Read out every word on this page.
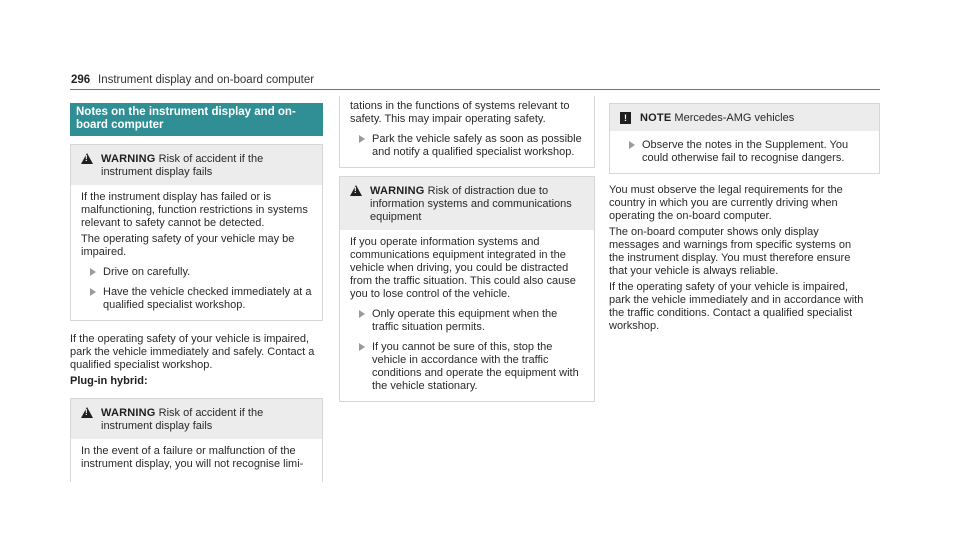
296 Instrument display and on-board computer
Notes on the instrument display and on-board computer
!
WARNING Risk of accident if the instrument display fails

If the instrument display has failed or is malfunctioning, function restrictions in systems relevant to safety cannot be detected.

The operating safety of your vehicle may be impaired.

Drive on carefully.
Have the vehicle checked immediately at a qualified specialist workshop.

If the operating safety of your vehicle is impaired, park the vehicle immediately and safely. Contact a qualified specialist workshop.

Plug-in hybrid:

!
WARNING Risk of accident if the instrument display fails

In the event of a failure or malfunction of the instrument display, you will not recognise limi-

tations in the functions of systems relevant to safety. This may impair operating safety.

Park the vehicle safely as soon as possible and notify a qualified specialist workshop.
!
WARNING Risk of distraction due to information systems and communications equipment

If you operate information systems and communications equipment integrated in the vehicle when driving, you could be distracted from the traffic situation. This could also cause you to lose control of the vehicle.

Only operate this equipment when the traffic situation permits.
If you cannot be sure of this, stop the vehicle in accordance with the traffic conditions and operate the equipment with the vehicle stationary.
!	NOTE Mercedes-AMG vehicles
Observe the notes in the Supplement. You could otherwise fail to recognise dangers.

You must observe the legal requirements for the country in which you are currently driving when operating the on-board computer.

The on-board computer shows only display messages and warnings from specific systems on the instrument display. You must therefore ensure that your vehicle is always reliable.

If the operating safety of your vehicle is impaired, park the vehicle immediately and in accordance with the traffic conditions. Contact a qualified specialist workshop.
